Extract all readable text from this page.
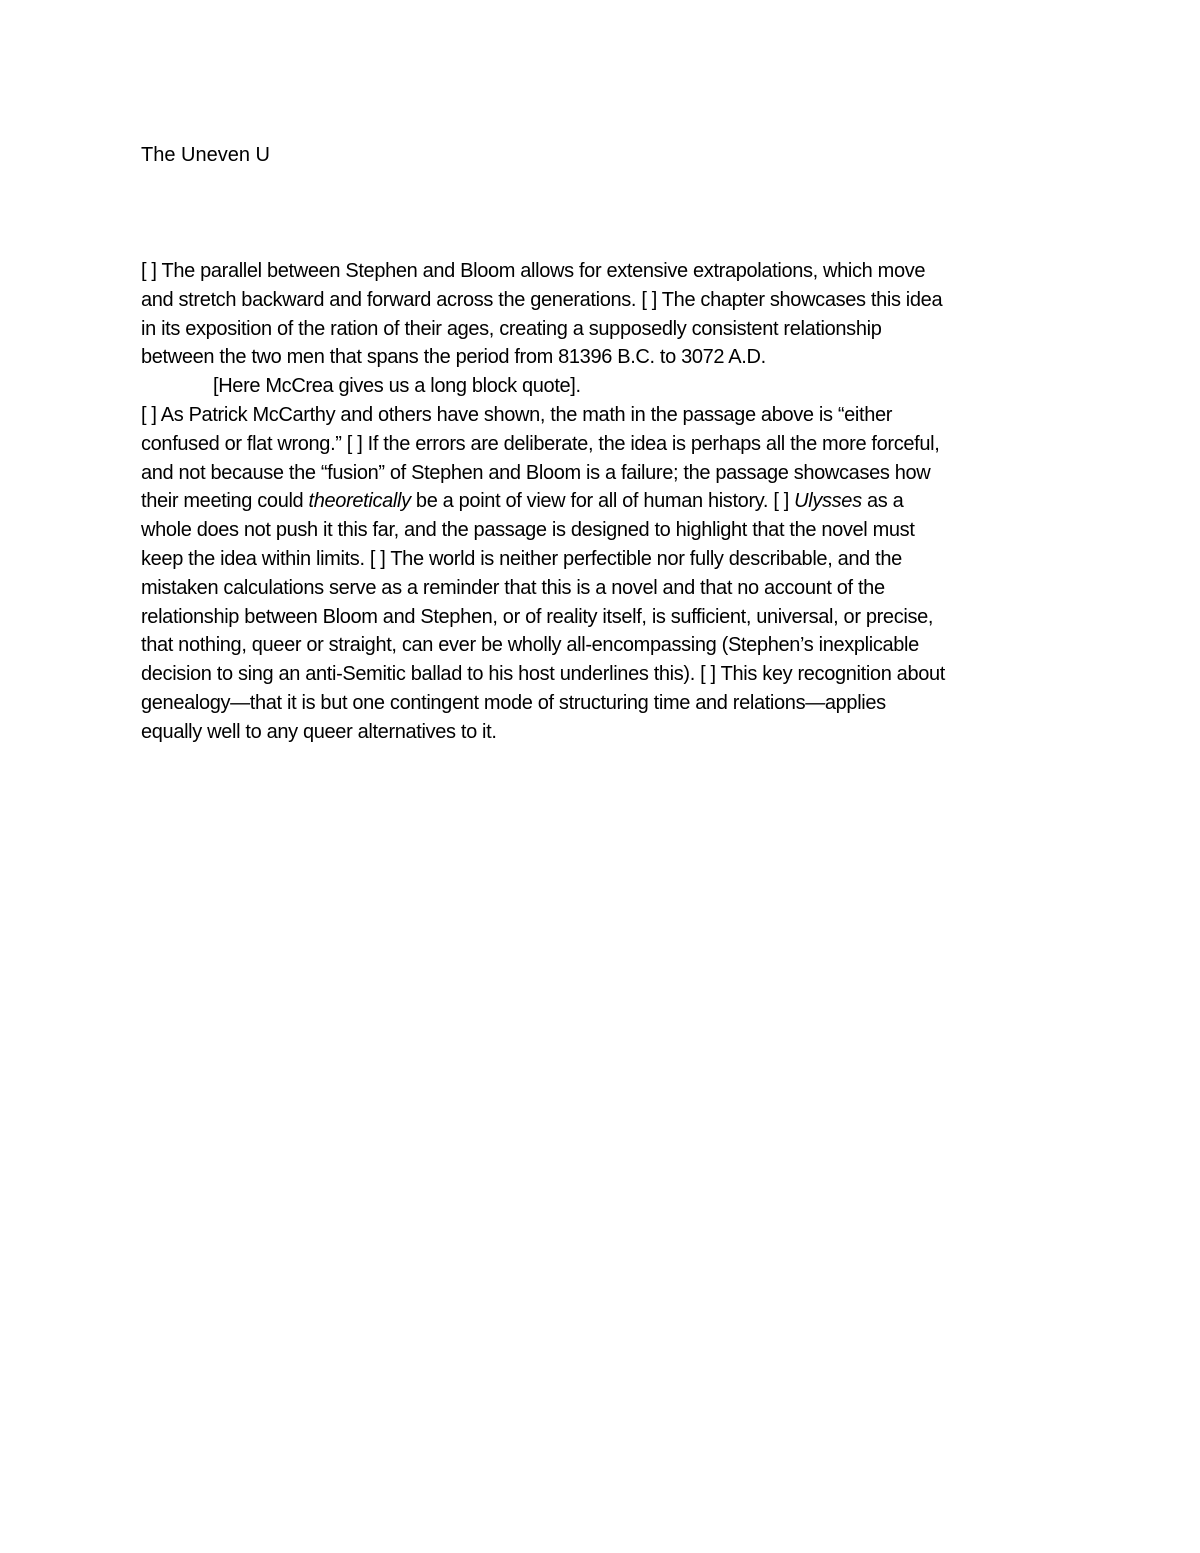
The Uneven U
[ ] The parallel between Stephen and Bloom allows for extensive extrapolations, which move
and stretch backward and forward across the generations. [ ] The chapter showcases this idea
in its exposition of the ration of their ages, creating a supposedly consistent relationship
between the two men that spans the period from 81396 B.C. to 3072 A.D.
[Here McCrea gives us a long block quote].
[ ] As Patrick McCarthy and others have shown, the math in the passage above is “either
confused or flat wrong.” [ ] If the errors are deliberate, the idea is perhaps all the more forceful,
and not because the “fusion” of Stephen and Bloom is a failure; the passage showcases how
their meeting could theoretically be a point of view for all of human history. [ ] Ulysses as a
whole does not push it this far, and the passage is designed to highlight that the novel must
keep the idea within limits. [ ] The world is neither perfectible nor fully describable, and the
mistaken calculations serve as a reminder that this is a novel and that no account of the
relationship between Bloom and Stephen, or of reality itself, is sufficient, universal, or precise,
that nothing, queer or straight, can ever be wholly all-encompassing (Stephen’s inexplicable
decision to sing an anti-Semitic ballad to his host underlines this). [ ] This key recognition about
genealogy—that it is but one contingent mode of structuring time and relations—applies
equally well to any queer alternatives to it.
